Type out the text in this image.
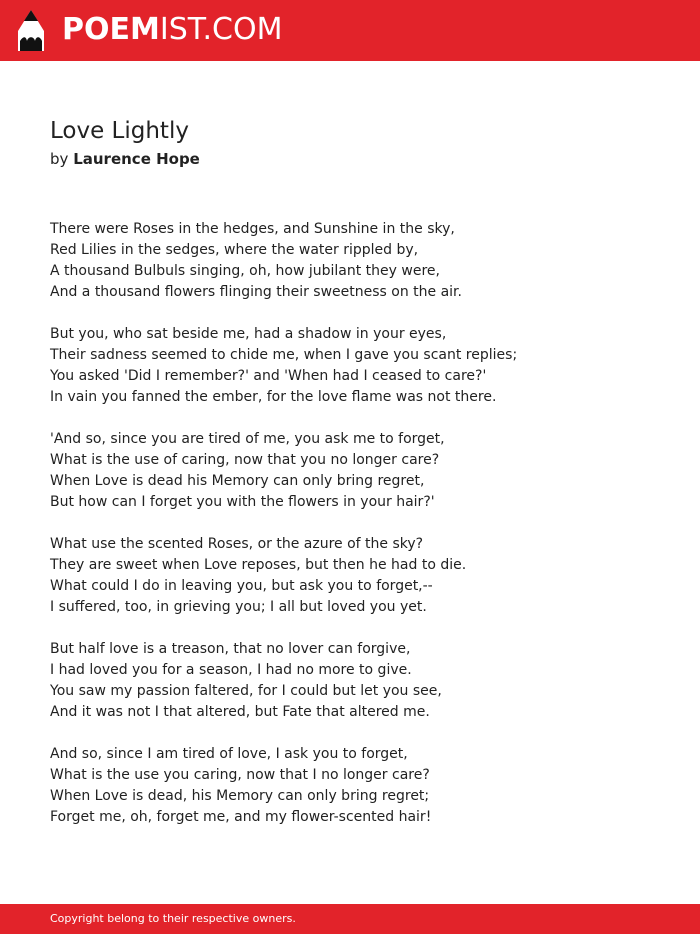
POEMIST.COM
Love Lightly
by Laurence Hope
There were Roses in the hedges, and Sunshine in the sky,
Red Lilies in the sedges, where the water rippled by,
A thousand Bulbuls singing, oh, how jubilant they were,
And a thousand flowers flinging their sweetness on the air.
But you, who sat beside me, had a shadow in your eyes,
Their sadness seemed to chide me, when I gave you scant replies;
You asked 'Did I remember?' and 'When had I ceased to care?'
In vain you fanned the ember, for the love flame was not there.
'And so, since you are tired of me, you ask me to forget,
What is the use of caring, now that you no longer care?
When Love is dead his Memory can only bring regret,
But how can I forget you with the flowers in your hair?'
What use the scented Roses, or the azure of the sky?
They are sweet when Love reposes, but then he had to die.
What could I do in leaving you, but ask you to forget,--
I suffered, too, in grieving you; I all but loved you yet.
But half love is a treason, that no lover can forgive,
I had loved you for a season, I had no more to give.
You saw my passion faltered, for I could but let you see,
And it was not I that altered, but Fate that altered me.
And so, since I am tired of love, I ask you to forget,
What is the use you caring, now that I no longer care?
When Love is dead, his Memory can only bring regret;
Forget me, oh, forget me, and my flower-scented hair!
Copyright belong to their respective owners.
